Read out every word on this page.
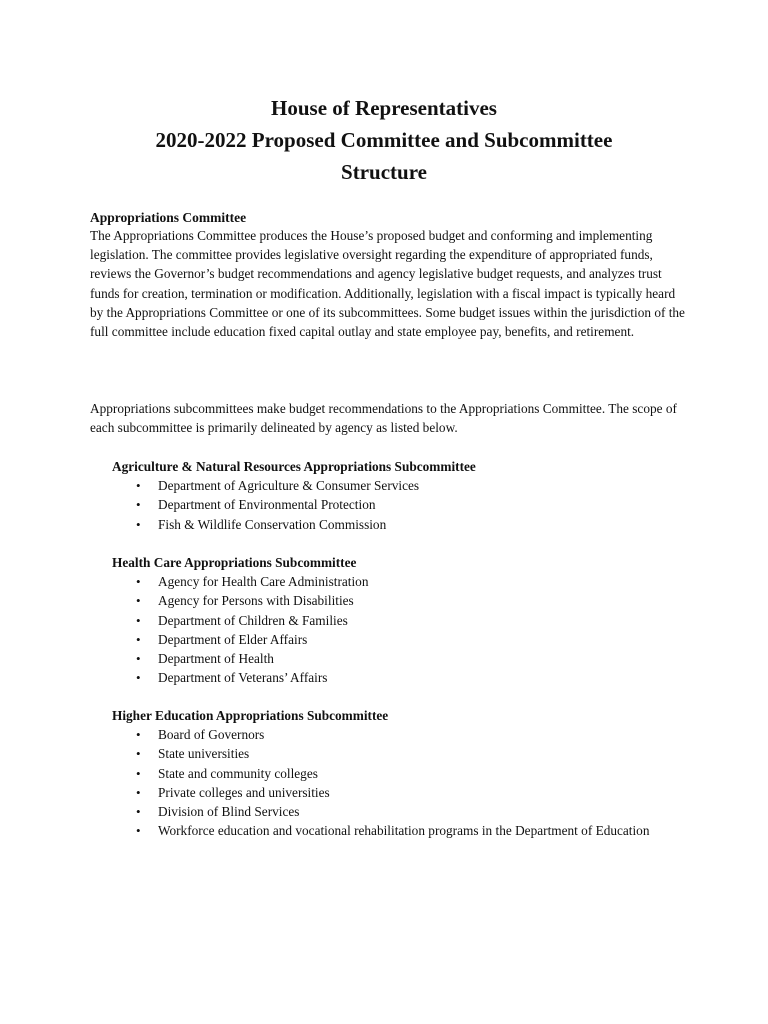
House of Representatives
2020-2022 Proposed Committee and Subcommittee
Structure
Appropriations Committee

The Appropriations Committee produces the House’s proposed budget and conforming and implementing legislation. The committee provides legislative oversight regarding the expenditure of appropriated funds, reviews the Governor’s budget recommendations and agency legislative budget requests, and analyzes trust funds for creation, termination or modification. Additionally, legislation with a fiscal impact is typically heard by the Appropriations Committee or one of its subcommittees. Some budget issues within the jurisdiction of the full committee include education fixed capital outlay and state employee pay, benefits, and retirement.

Appropriations subcommittees make budget recommendations to the Appropriations Committee. The scope of each subcommittee is primarily delineated by agency as listed below.

Agriculture & Natural Resources Appropriations Subcommittee

• Department of Agriculture & Consumer Services
• Department of Environmental Protection
• Fish & Wildlife Conservation Commission

Health Care Appropriations Subcommittee

• Agency for Health Care Administration
• Agency for Persons with Disabilities
• Department of Children & Families
• Department of Elder Affairs
• Department of Health
• Department of Veterans’ Affairs

Higher Education Appropriations Subcommittee

• Board of Governors
• State universities
• State and community colleges
• Private colleges and universities
• Division of Blind Services
• Workforce education and vocational rehabilitation programs in the Department of Education
